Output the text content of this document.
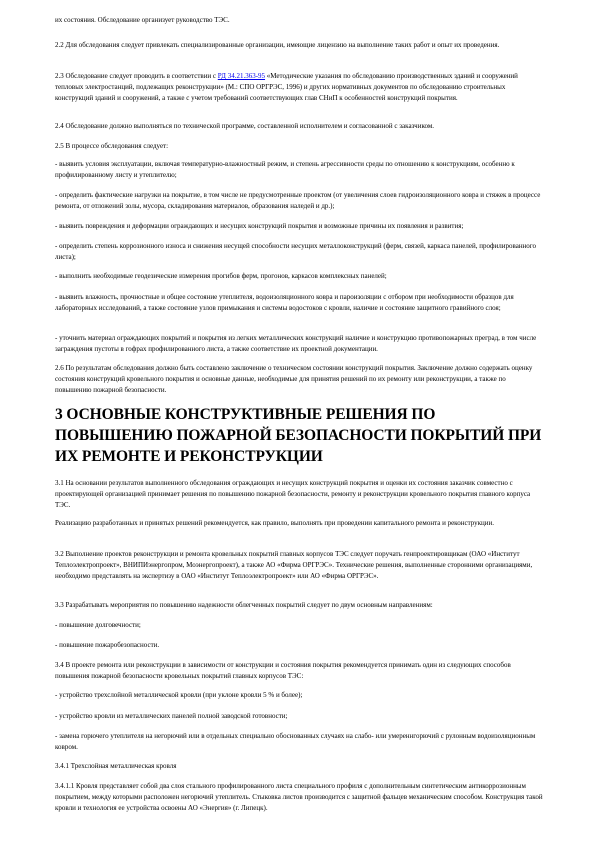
их состояния. Обследование организует руководство ТЭС.

2.2 Для обследования следует привлекать специализированные организации, имеющие лицензию на выполнение таких работ и опыт их проведения.

2.3 Обследование следует проводить в соответствии с РД 34.21.363-95 «Методические указания по обследованию производственных зданий и сооружений тепловых электростанций, подлежащих реконструкции» (М.: СПО ОРГРЭС, 1996) и других нормативных документов по обследованию строительных конструкций зданий и сооружений, а также с учетом требований соответствующих глав СНиП к особенностей конструкций покрытия.

2.4 Обследование должно выполняться по технической программе, составленной исполнителем и согласованной с заказчиком.

2.5 В процессе обследования следует:

- выявить условия эксплуатации, включая температурно-влажностный режим, и степень агрессивности среды по отношению к конструкциям, особенно к профилированному листу и утеплителю;

- определить фактические нагрузки на покрытие, в том числе не предусмотренные проектом (от увеличения слоев гидроизоляционного ковра и стяжек в процессе ремонта, от отложений золы, мусора, складирования материалов, образования наледей и др.);

- выявить повреждения и деформации ограждающих и несущих конструкций покрытия и возможные причины их появления и развития;

- определить степень коррозионного износа и снижения несущей способности несущих металлоконструкций (ферм, связей, каркаса панелей, профилированного листа);

- выполнить необходимые геодезические измерения прогибов ферм, прогонов, каркасов комплексных панелей;

- выявить влажность, прочностные и общее состояние утеплителя, водоизоляционного ковра и пароизоляции с отбором при необходимости образцов для лабораторных исследований, а также состояние узлов примыкания и системы водостоков с кровли, наличие и состояние защитного гравийного слоя;

- уточнить материал ограждающих покрытий и покрытия из легких металлических конструкций наличие и конструкцию противопожарных преград, в том числе заграждения пустоты в гофрах профилированного листа, а также соответствие их проектной документации.

2.6 По результатам обследования должно быть составлено заключение о техническом состоянии конструкций покрытия. Заключение должно содержать оценку состояния конструкций кровельного покрытия и основные данные, необходимые для принятия решений по их ремонту или реконструкции, а также по повышению пожарной безопасности.

3 ОСНОВНЫЕ КОНСТРУКТИВНЫЕ РЕШЕНИЯ ПО ПОВЫШЕНИЮ ПОЖАРНОЙ БЕЗОПАСНОСТИ ПОКРЫТИЙ ПРИ ИХ РЕМОНТЕ И РЕКОНСТРУКЦИИ

3.1 На основании результатов выполненного обследования ограждающих и несущих конструкций покрытия и оценки их состояния заказчик совместно с проектирующей организацией принимает решения по повышению пожарной безопасности, ремонту и реконструкции кровельного покрытия главного корпуса ТЭС.

Реализацию разработанных и принятых решений рекомендуется, как правило, выполнять при проведении капитального ремонта и реконструкции.

3.2 Выполнение проектов реконструкции и ремонта кровельных покрытий главных корпусов ТЭС следует поручать генпроектировщикам (ОАО «Институт Теплоэлектропроект», ВНИПИэнергопром, Моэнергопроект), а также АО «Фирма ОРГРЭС». Технические решения, выполненные сторонними организациями, необходимо представлять на экспертизу в ОАО «Институт Теплоэлектропроект» или АО «Фирма ОРГРЭС».

3.3 Разрабатывать мероприятия по повышению надежности облегченных покрытий следует по двум основным направлениям:

- повышение долговечности;

- повышение пожаробезопасности.

3.4 В проекте ремонта или реконструкции в зависимости от конструкции и состояния покрытия рекомендуется принимать один из следующих способов повышения пожарной безопасности кровельных покрытий главных корпусов ТЭС:

- устройство трехслойной металлической кровли (при уклоне кровли 5 % и более);

- устройство кровли из металлических панелей полной заводской готовности;

- замена горючего утеплителя на негорючий или в отдельных специально обоснованных случаях на слабо- или умереннгорючий с рулонным водоизоляционным ковром.

3.4.1 Трехслойная металлическая кровля

3.4.1.1 Кровля представляет собой два слоя стального профилированного листа специального профиля с дополнительным синтетическим антикоррозионным покрытием, между которыми расположен негорючий утеплитель. Стыковка листов производится с защитной фальцев механическим способом. Конструкция такой кровли и технология ее устройства освоены АО «Энергия» (г. Липецк).
